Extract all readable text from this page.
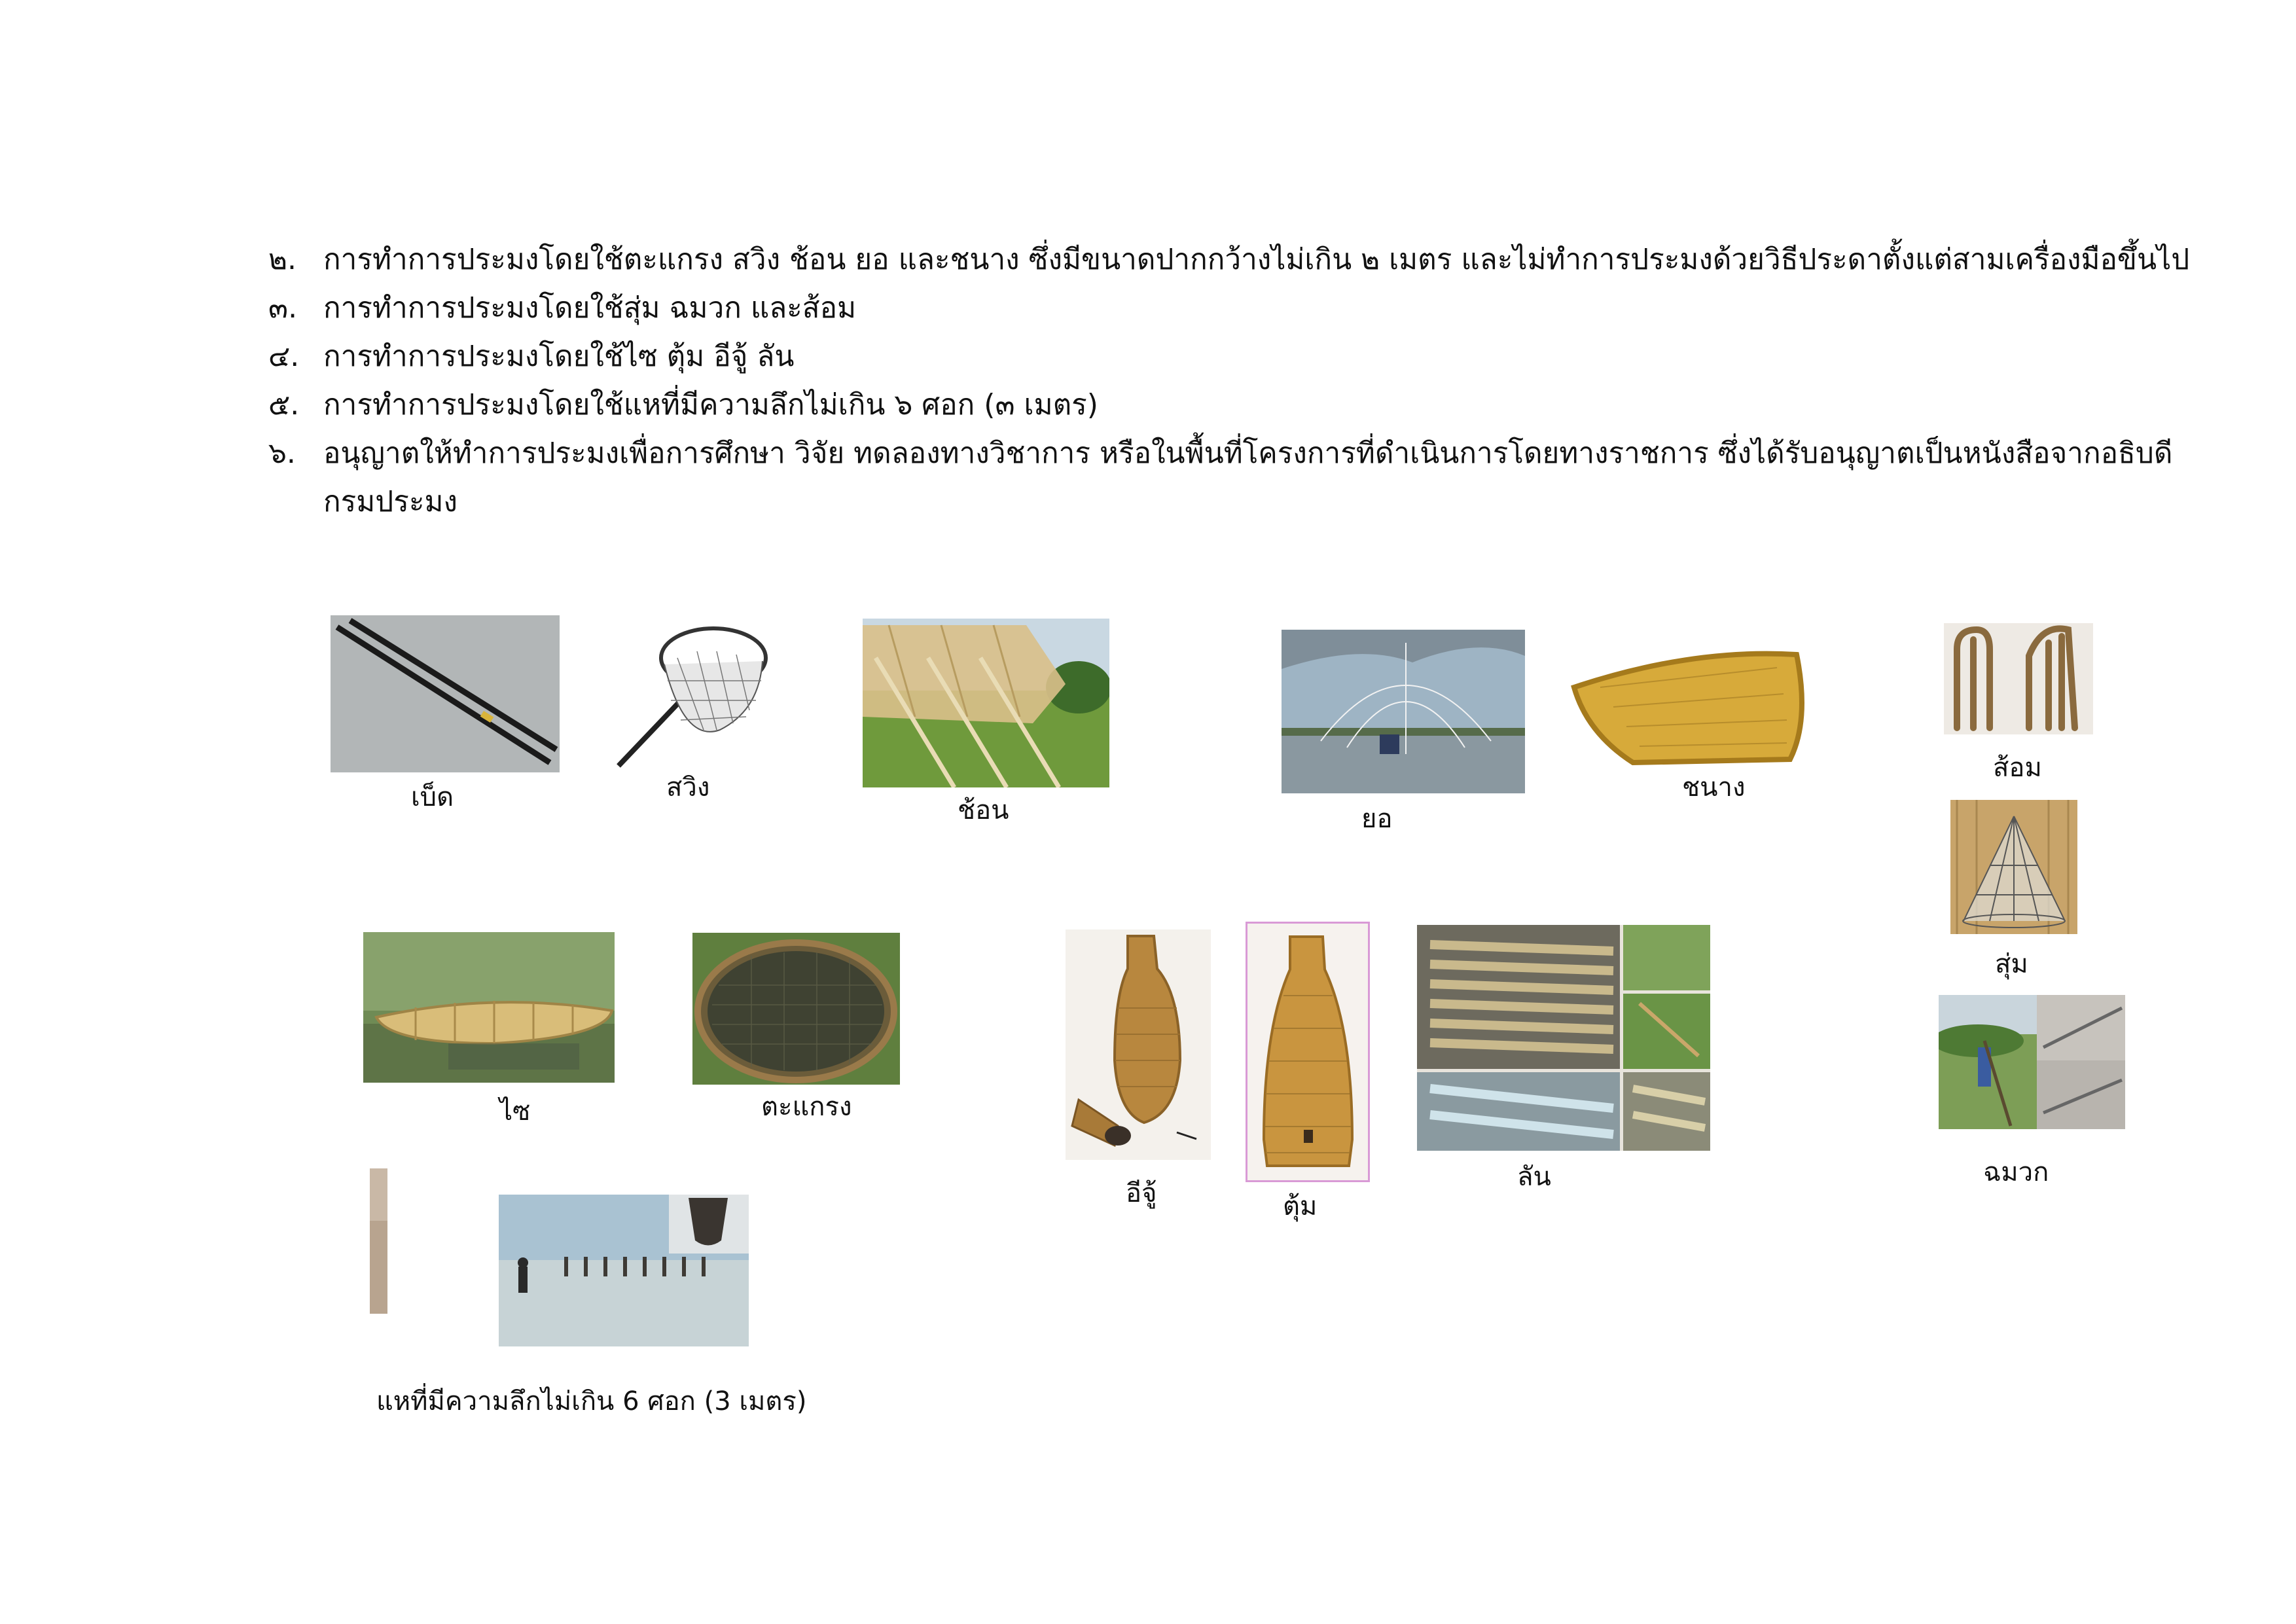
๒. การทำการประมงโดยใช้ตะแกรง สวิง ช้อน ยอ และชนาง ซึ่งมีขนาดปากกว้างไม่เกิน ๒ เมตร และไม่ทำการประมงด้วยวิธีประดาตั้งแต่สามเครื่องมือขึ้นไป
๓. การทำการประมงโดยใช้สุ่ม ฉมวก และส้อม
๔. การทำการประมงโดยใช้ไซ ตุ้ม อีจู้ ลัน
๕. การทำการประมงโดยใช้แหที่มีความลึกไม่เกิน ๖ ศอก (๓ เมตร)
๖. อนุญาตให้ทำการประมงเพื่อการศึกษา วิจัย ทดลองทางวิชาการ หรือในพื้นที่โครงการที่ดำเนินการโดยทางราชการ ซึ่งได้รับอนุญาตเป็นหนังสือจากอธิบดีกรมประมง
เบ็ด	สวิง
ช้อน	ยอ
ชนาง
ส้อม
สุ่ม
ฉมวก
ไซ	ตะแกรง
อีจู้	ตุ้ม
ลัน
แหที่มีความลึกไม่เกิน 6 ศอก (3 เมตร)
